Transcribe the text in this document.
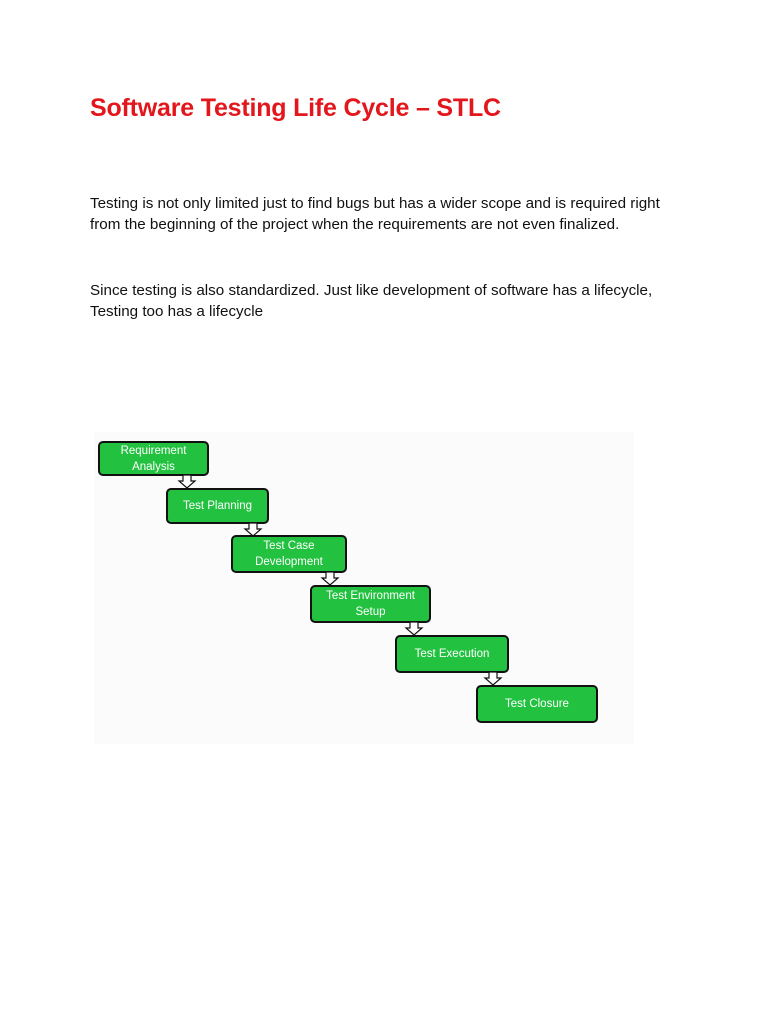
Software Testing Life Cycle – STLC

Testing is not only limited just to find bugs but has a wider scope and is required right from the beginning of the project when the requirements are not even finalized.

Since testing is also standardized. Just like development of software has a lifecycle, Testing too has a lifecycle

Requirement Analysis
Test Planning
Test Case Development
Test Environment Setup
Test Execution
Test Closure
